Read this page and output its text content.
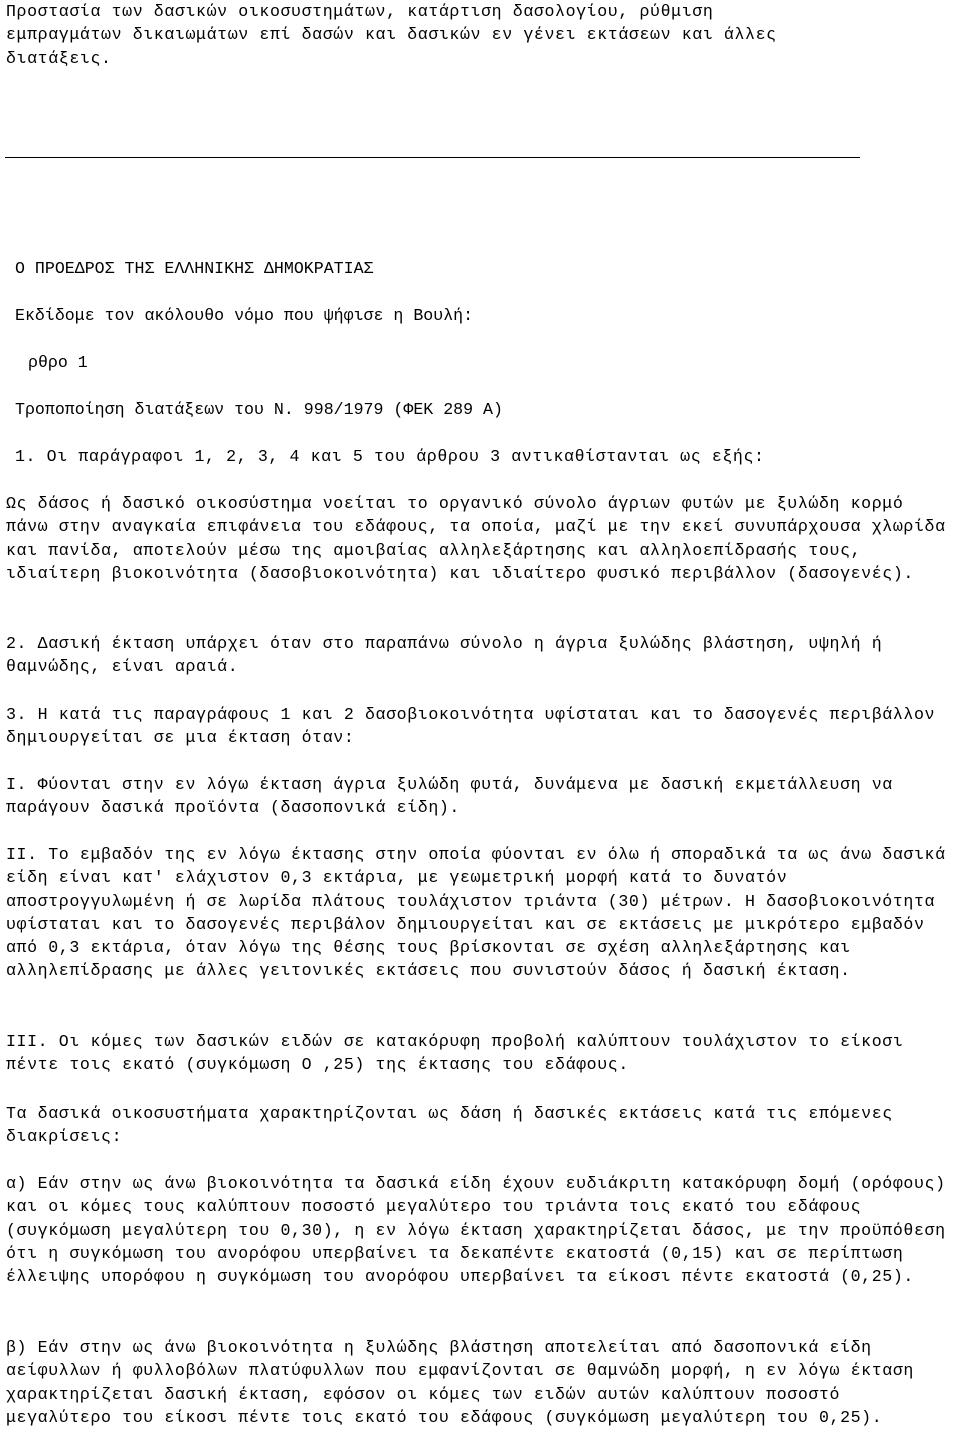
Προστασία των δασικών οικοσυστημάτων, κατάρτιση δασολογίου, ρύθμιση
εμπραγμάτων δικαιωμάτων επί δασών και δασικών εν γένει εκτάσεων και άλλες
διατάξεις.

Ο ΠΡΟΕΔΡΟΣ ΤΗΣ ΕΛΛΗΝΙΚΗΣ ΔΗΜΟΚΡΑΤΙΑΣ

Εκδίδομε τον ακόλουθο νόμο που ψήφισε η Βουλή:

ρθρο 1

Τροποποίηση διατάξεων του Ν. 998/1979 (ΦΕΚ 289 Α)

1. Οι παράγραφοι 1, 2, 3, 4 και 5 του άρθρου 3 αντικαθίστανται ως εξής:

Ως δάσος ή δασικό οικοσύστημα νοείται το οργανικό σύνολο άγριων φυτών με ξυλώδη κορμό πάνω στην αναγκαία επιφάνεια του εδάφους, τα οποία, μαζί με την εκεί συνυπάρχουσα χλωρίδα και πανίδα, αποτελούν μέσω της αμοιβαίας αλληλεξάρτησης και αλληλοεπίδρασής τους, ιδιαίτερη βιοκοινότητα (δασοβιοκοινότητα) και ιδιαίτερο φυσικό περιβάλλον (δασογενές).

2. Δασική έκταση υπάρχει όταν στο παραπάνω σύνολο η άγρια ξυλώδης βλάστηση, υψηλή ή θαμνώδης, είναι αραιά.

3. Η κατά τις παραγράφους 1 και 2 δασοβιοκοινότητα υφίσταται και το δασογενές περιβάλλον δημιουργείται σε μια έκταση όταν:

Ι. Φύονται στην εν λόγω έκταση άγρια ξυλώδη φυτά, δυνάμενα με δασική εκμετάλλευση να παράγουν δασικά προϊόντα (δασοπονικά είδη).

ΙΙ. Το εμβαδόν της εν λόγω έκτασης στην οποία φύονται εν όλω ή σποραδικά τα ως άνω δασικά είδη είναι κατ' ελάχιστον 0,3 εκτάρια, με γεωμετρική μορφή κατά το δυνατόν αποστρογγυλωμένη ή σε λωρίδα πλάτους τουλάχιστον τριάντα (30) μέτρων. Η δασοβιοκοινότητα υφίσταται και το δασογενές περιβάλον δημιουργείται και σε εκτάσεις με μικρότερο εμβαδόν από 0,3 εκτάρια, όταν λόγω της θέσης τους βρίσκονται σε σχέση αλληλεξάρτησης και αλληλεπίδρασης με άλλες γειτονικές εκτάσεις που συνιστούν δάσος ή δασική έκταση.

ΙΙΙ. Οι κόμες των δασικών ειδών σε κατακόρυφη προβολή καλύπτουν τουλάχιστον το είκοσι πέντε τοις εκατό (συγκόμωση Ο ,25) της έκτασης του εδάφους.

Τα δασικά οικοσυστήματα χαρακτηρίζονται ως δάση ή δασικές εκτάσεις κατά τις επόμενες διακρίσεις:

α) Εάν στην ως άνω βιοκοινότητα τα δασικά είδη έχουν ευδιάκριτη κατακόρυφη δομή (ορόφους) και οι κόμες τους καλύπτουν ποσοστό μεγαλύτερο του τριάντα τοις εκατό του εδάφους (συγκόμωση μεγαλύτερη του 0,30), η εν λόγω έκταση χαρακτηρίζεται δάσος, με την προϋπόθεση ότι η συγκόμωση του ανορόφου υπερβαίνει τα δεκαπέντε εκατοστά (0,15) και σε περίπτωση έλλειψης υπορόφου η συγκόμωση του ανορόφου υπερβαίνει τα είκοσι πέντε εκατοστά (0,25).

β) Εάν στην ως άνω βιοκοινότητα η ξυλώδης βλάστηση αποτελείται από δασοπονικά είδη αείφυλλων ή φυλλοβόλων πλατύφυλλων που εμφανίζονται σε θαμνώδη μορφή, η εν λόγω έκταση χαρακτηρίζεται δασική έκταση, εφόσον οι κόμες των ειδών αυτών καλύπτουν ποσοστό μεγαλύτερο του είκοσι πέντε τοις εκατό του εδάφους (συγκόμωση μεγαλύτερη του 0,25).
